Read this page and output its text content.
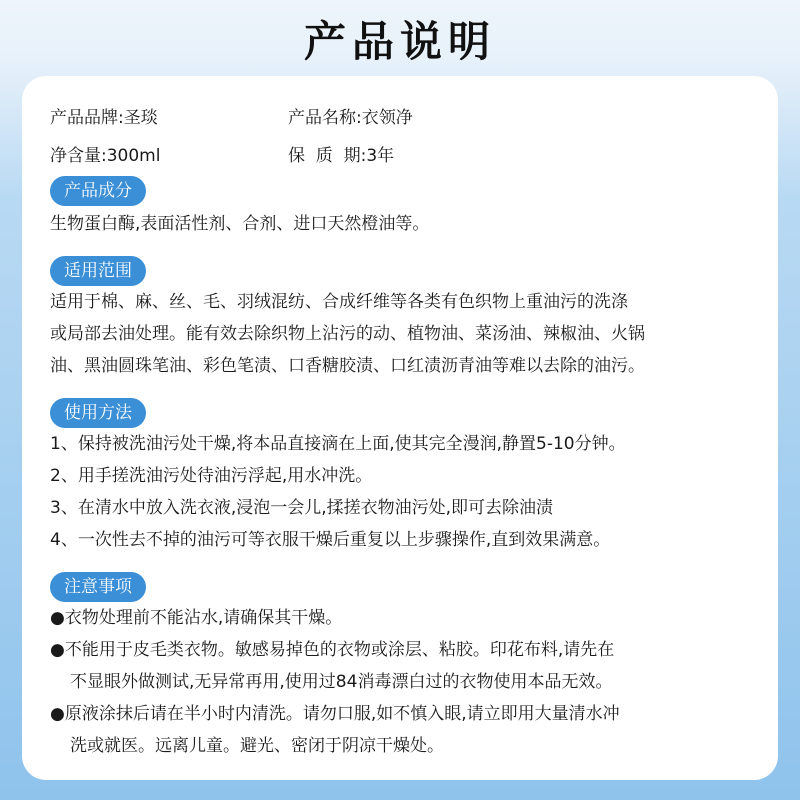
产品说明
产品品牌:圣琰	产品名称:衣领净
净含量:300ml	保  质  期:3年
产品成分
生物蛋白酶,表面活性剂、合剂、进口天然橙油等。
适用范围
适用于棉、麻、丝、毛、羽绒混纺、合成纤维等各类有色织物上重油污的洗涤
或局部去油处理。能有效去除织物上沾污的动、植物油、菜汤油、辣椒油、火锅
油、黑油圆珠笔油、彩色笔渍、口香糖胶渍、口红渍沥青油等难以去除的油污。
使用方法
1、保持被洗油污处干燥,将本品直接滴在上面,使其完全漫润,静置5-10分钟。
2、用手搓洗油污处待油污浮起,用水冲洗。
3、在清水中放入洗衣液,浸泡一会儿,揉搓衣物油污处,即可去除油渍
4、一次性去不掉的油污可等衣服干燥后重复以上步骤操作,直到效果满意。
注意事项
●衣物处理前不能沾水,请确保其干燥。
●不能用于皮毛类衣物。敏感易掉色的衣物或涂层、粘胶。印花布料,请先在
不显眼外做测试,无异常再用,使用过84消毒漂白过的衣物使用本品无效。
●原液涂抹后请在半小时内清洗。请勿口服,如不慎入眼,请立即用大量清水冲
洗或就医。远离儿童。避光、密闭于阴凉干燥处。
